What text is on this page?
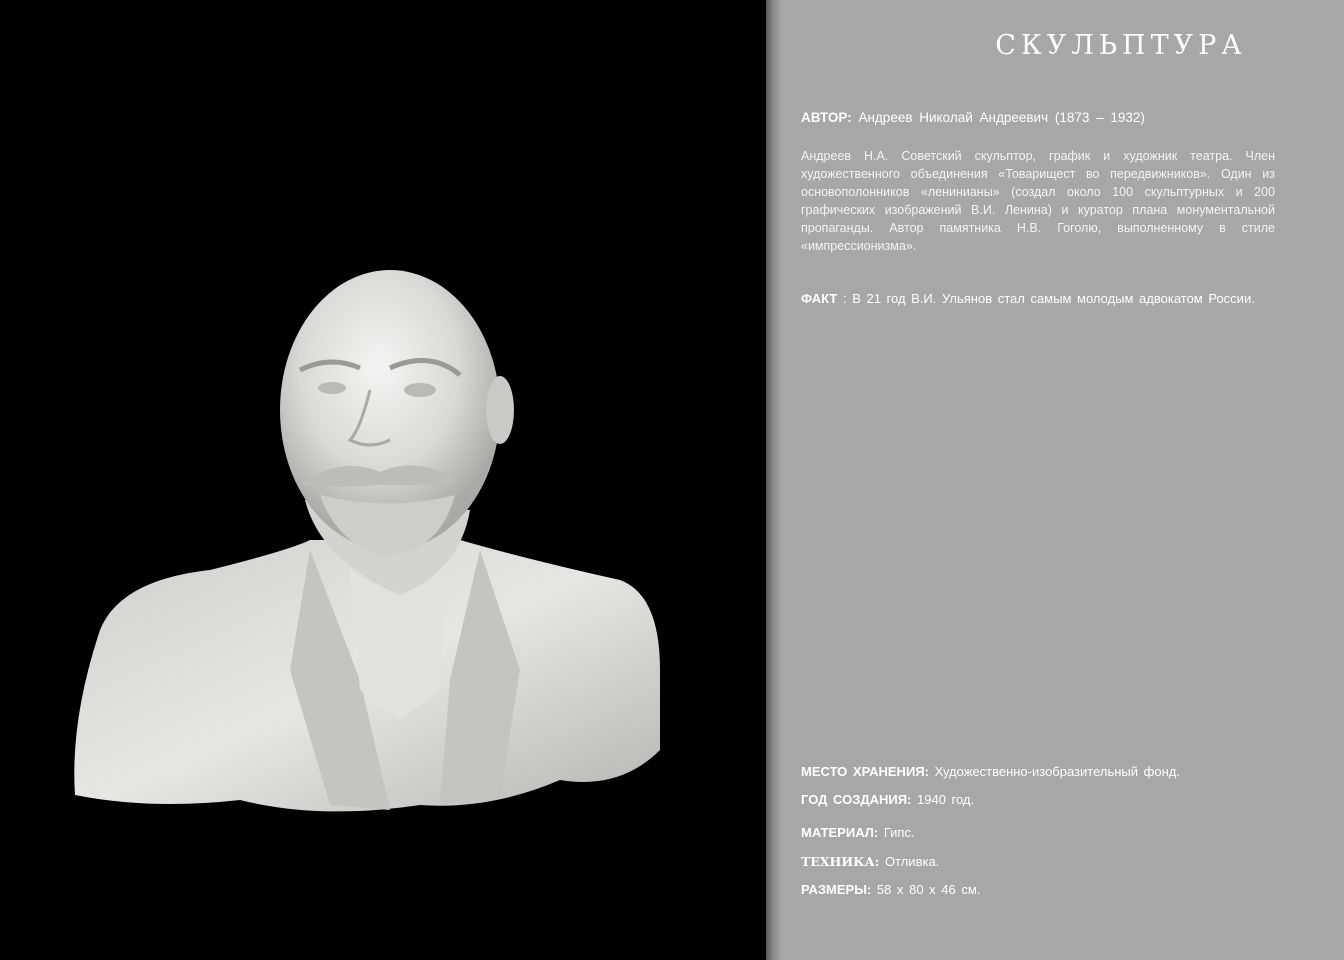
СКУЛЬПТУРА
АВТОР: Андреев Николай Андреевич (1873 – 1932)
Андреев Н.А. Советский скульптор, график и художник театра. Член художественного объединения «Товарищест во передвижников». Один из основополонников «ленинианы» (создал около 100 скульптурных и 200 графических изображений В.И. Ленина) и куратор плана монументальной пропаганды. Автор памятника Н.В. Гоголю, выполненному в стиле «импрессионизма».
ФАКТ : В 21 год В.И. Ульянов стал самым молодым адвокатом России.
МЕСТО ХРАНЕНИЯ: Художественно-изобразительный фонд.
ГОД СОЗДАНИЯ: 1940 год.
МАТЕРИАЛ: Гипс.
ТЕХНИКА: Отливка.
РАЗМЕРЫ: 58 x 80 x 46 см.
